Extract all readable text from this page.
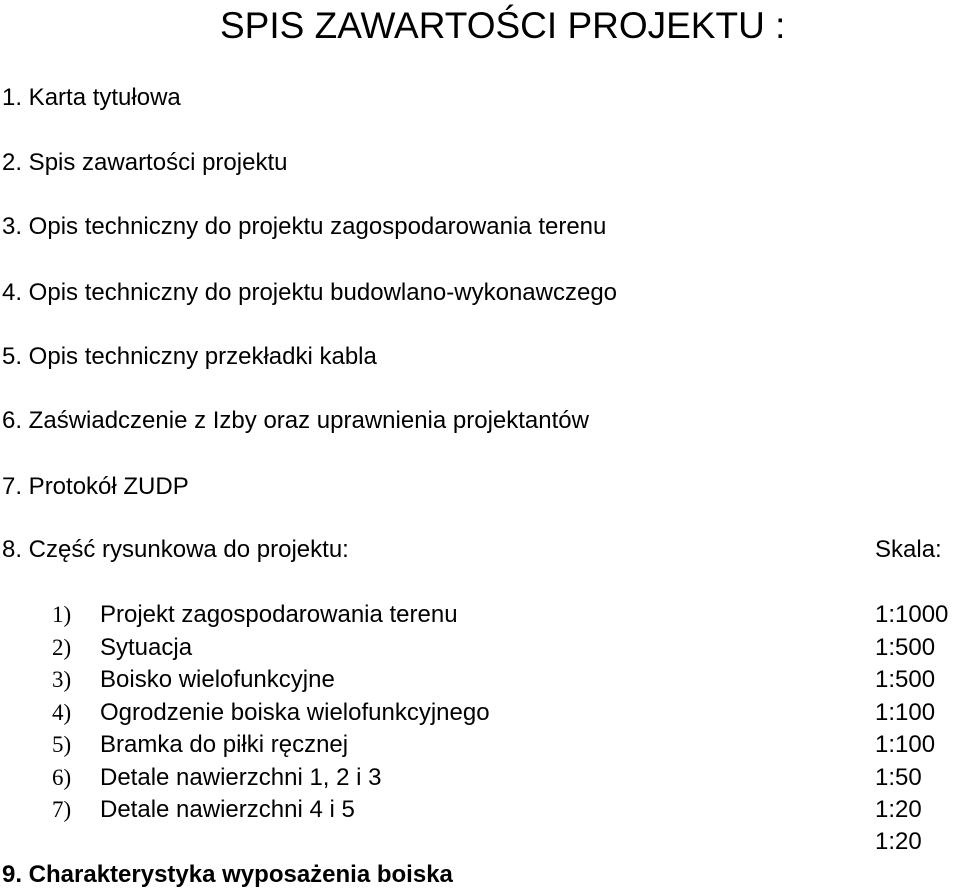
SPIS ZAWARTOŚCI PROJEKTU :
1. Karta tytułowa
2. Spis zawartości projektu
3. Opis techniczny do projektu zagospodarowania terenu
4. Opis techniczny do projektu budowlano-wykonawczego
5. Opis techniczny przekładki kabla
6. Zaświadczenie z Izby oraz uprawnienia projektantów
7. Protokół ZUDP
8. Część rysunkowa do projektu:	Skala:
1) Projekt zagospodarowania terenu
2) Sytuacja
3) Boisko wielofunkcyjne
4) Ogrodzenie boiska wielofunkcyjnego
5) Bramka do piłki ręcznej
6) Detale nawierzchni 1, 2 i 3
7) Detale nawierzchni 4 i 5
1:1000
1:500
1:500
1:100
1:100
1:50
1:20
1:20
9. Charakterystyka wyposażenia boiska
